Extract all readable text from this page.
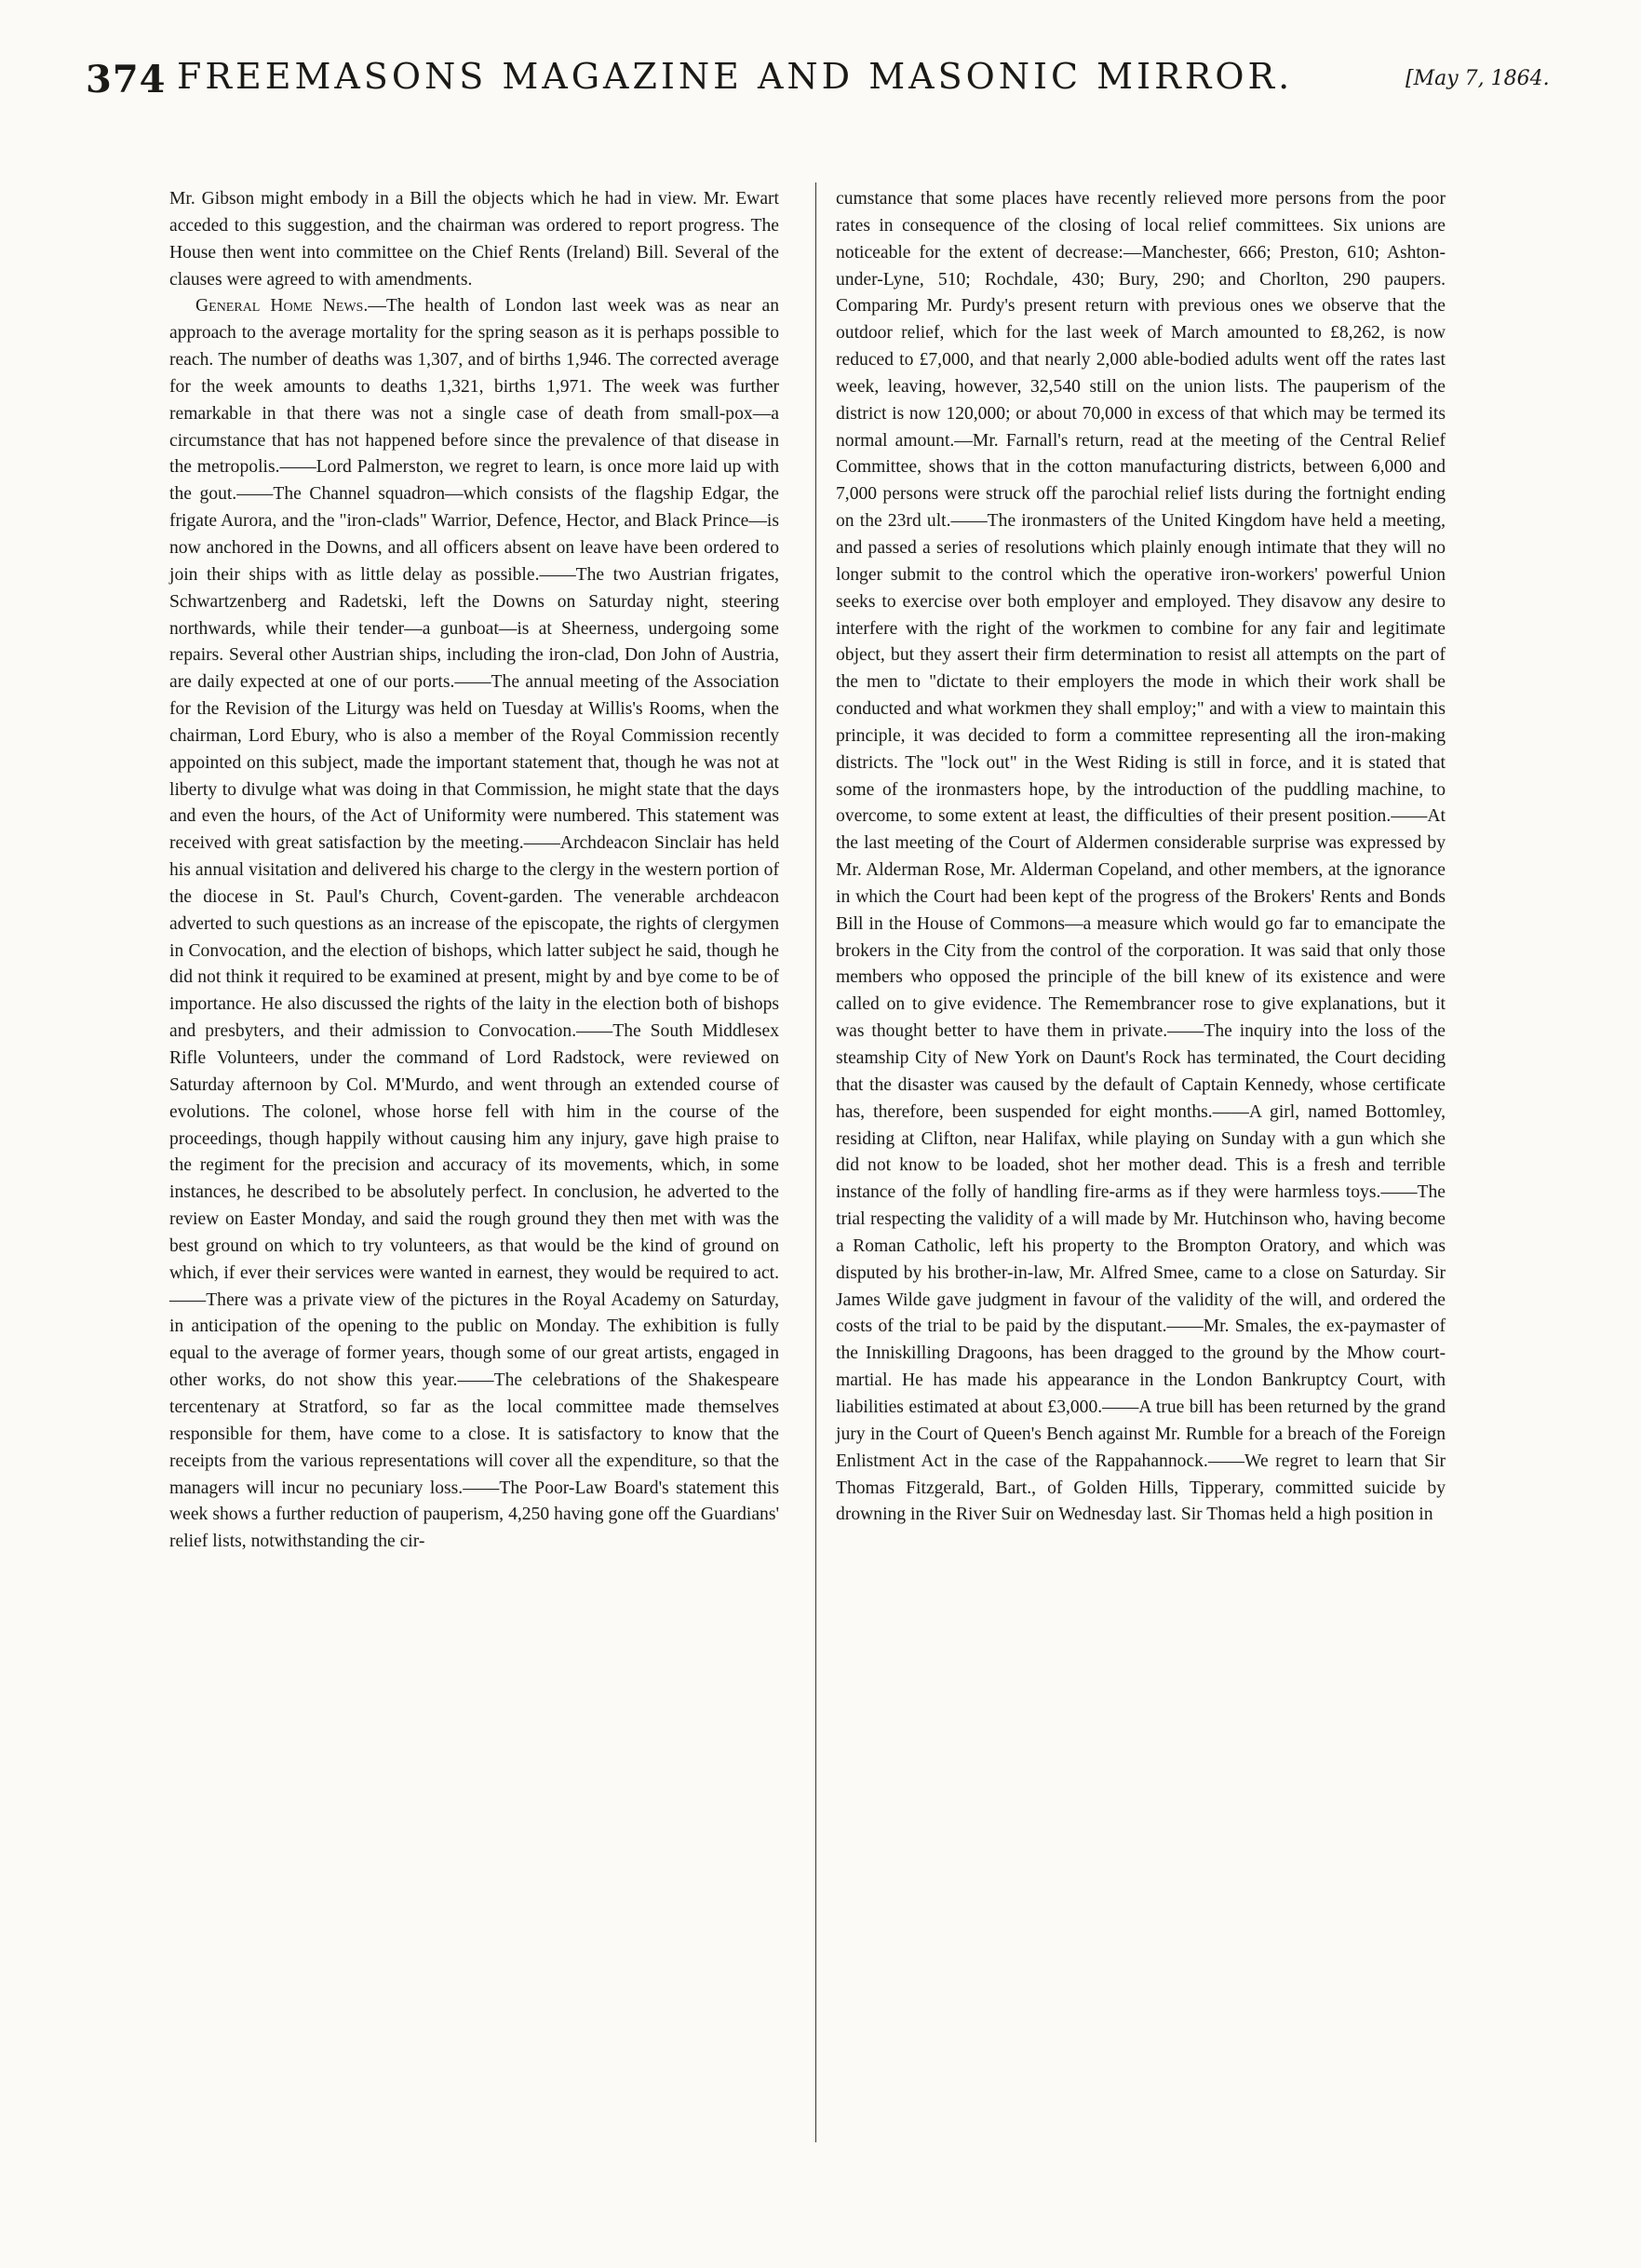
374 FREEMASONS MAGAZINE AND MASONIC MIRROR.	[May 7, 1864.

Mr. Gibson might embody in a Bill the objects which he had in view. Mr. Ewart acceded to this suggestion, and the chairman was ordered to report progress. The House then went into committee on the Chief Rents (Ireland) Bill. Several of the clauses were agreed to with amendments.

General Home News.—The health of London last week was as near an approach to the average mortality for the spring season as it is perhaps possible to reach. The number of deaths was 1,307, and of births 1,946. The corrected average for the week amounts to deaths 1,321, births 1,971. The week was further remarkable in that there was not a single case of death from small-pox—a circumstance that has not happened before since the prevalence of that disease in the metropolis.——Lord Palmerston, we regret to learn, is once more laid up with the gout.——The Channel squadron—which consists of the flagship Edgar, the frigate Aurora, and the "iron-clads" Warrior, Defence, Hector, and Black Prince—is now anchored in the Downs, and all officers absent on leave have been ordered to join their ships with as little delay as possible.——The two Austrian frigates, Schwartzenberg and Radetski, left the Downs on Saturday night, steering northwards, while their tender—a gunboat—is at Sheerness, undergoing some repairs. Several other Austrian ships, including the iron-clad, Don John of Austria, are daily expected at one of our ports.——The annual meeting of the Association for the Revision of the Liturgy was held on Tuesday at Willis's Rooms, when the chairman, Lord Ebury, who is also a member of the Royal Commission recently appointed on this subject, made the important statement that, though he was not at liberty to divulge what was doing in that Commission, he might state that the days and even the hours, of the Act of Uniformity were numbered. This statement was received with great satisfaction by the meeting.——Archdeacon Sinclair has held his annual visitation and delivered his charge to the clergy in the western portion of the diocese in St. Paul's Church, Covent-garden. The venerable archdeacon adverted to such questions as an increase of the episcopate, the rights of clergymen in Convocation, and the election of bishops, which latter subject he said, though he did not think it required to be examined at present, might by and bye come to be of importance. He also discussed the rights of the laity in the election both of bishops and presbyters, and their admission to Convocation.——The South Middlesex Rifle Volunteers, under the command of Lord Radstock, were reviewed on Saturday afternoon by Col. M'Murdo, and went through an extended course of evolutions. The colonel, whose horse fell with him in the course of the proceedings, though happily without causing him any injury, gave high praise to the regiment for the precision and accuracy of its movements, which, in some instances, he described to be absolutely perfect. In conclusion, he adverted to the review on Easter Monday, and said the rough ground they then met with was the best ground on which to try volunteers, as that would be the kind of ground on which, if ever their services were wanted in earnest, they would be required to act.——There was a private view of the pictures in the Royal Academy on Saturday, in anticipation of the opening to the public on Monday. The exhibition is fully equal to the average of former years, though some of our great artists, engaged in other works, do not show this year.——The celebrations of the Shakespeare tercentenary at Stratford, so far as the local committee made themselves responsible for them, have come to a close. It is satisfactory to know that the receipts from the various representations will cover all the expenditure, so that the managers will incur no pecuniary loss.——The Poor-Law Board's statement this week shows a further reduction of pauperism, 4,250 having gone off the Guardians' relief lists, notwithstanding the cir-

cumstance that some places have recently relieved more persons from the poor rates in consequence of the closing of local relief committees. Six unions are noticeable for the extent of decrease:—Manchester, 666; Preston, 610; Ashton-under-Lyne, 510; Rochdale, 430; Bury, 290; and Chorlton, 290 paupers. Comparing Mr. Purdy's present return with previous ones we observe that the outdoor relief, which for the last week of March amounted to £8,262, is now reduced to £7,000, and that nearly 2,000 able-bodied adults went off the rates last week, leaving, however, 32,540 still on the union lists. The pauperism of the district is now 120,000; or about 70,000 in excess of that which may be termed its normal amount.—Mr. Farnall's return, read at the meeting of the Central Relief Committee, shows that in the cotton manufacturing districts, between 6,000 and 7,000 persons were struck off the parochial relief lists during the fortnight ending on the 23rd ult.——The ironmasters of the United Kingdom have held a meeting, and passed a series of resolutions which plainly enough intimate that they will no longer submit to the control which the operative iron-workers' powerful Union seeks to exercise over both employer and employed. They disavow any desire to interfere with the right of the workmen to combine for any fair and legitimate object, but they assert their firm determination to resist all attempts on the part of the men to "dictate to their employers the mode in which their work shall be conducted and what workmen they shall employ;" and with a view to maintain this principle, it was decided to form a committee representing all the iron-making districts. The "lock out" in the West Riding is still in force, and it is stated that some of the ironmasters hope, by the introduction of the puddling machine, to overcome, to some extent at least, the difficulties of their present position.——At the last meeting of the Court of Aldermen considerable surprise was expressed by Mr. Alderman Rose, Mr. Alderman Copeland, and other members, at the ignorance in which the Court had been kept of the progress of the Brokers' Rents and Bonds Bill in the House of Commons—a measure which would go far to emancipate the brokers in the City from the control of the corporation. It was said that only those members who opposed the principle of the bill knew of its existence and were called on to give evidence. The Remembrancer rose to give explanations, but it was thought better to have them in private.——The inquiry into the loss of the steamship City of New York on Daunt's Rock has terminated, the Court deciding that the disaster was caused by the default of Captain Kennedy, whose certificate has, therefore, been suspended for eight months.——A girl, named Bottomley, residing at Clifton, near Halifax, while playing on Sunday with a gun which she did not know to be loaded, shot her mother dead. This is a fresh and terrible instance of the folly of handling fire-arms as if they were harmless toys.——The trial respecting the validity of a will made by Mr. Hutchinson who, having become a Roman Catholic, left his property to the Brompton Oratory, and which was disputed by his brother-in-law, Mr. Alfred Smee, came to a close on Saturday. Sir James Wilde gave judgment in favour of the validity of the will, and ordered the costs of the trial to be paid by the disputant.——Mr. Smales, the ex-paymaster of the Inniskilling Dragoons, has been dragged to the ground by the Mhow court-martial. He has made his appearance in the London Bankruptcy Court, with liabilities estimated at about £3,000.——A true bill has been returned by the grand jury in the Court of Queen's Bench against Mr. Rumble for a breach of the Foreign Enlistment Act in the case of the Rappahannock.——We regret to learn that Sir Thomas Fitzgerald, Bart., of Golden Hills, Tipperary, committed suicide by drowning in the River Suir on Wednesday last. Sir Thomas held a high position in
